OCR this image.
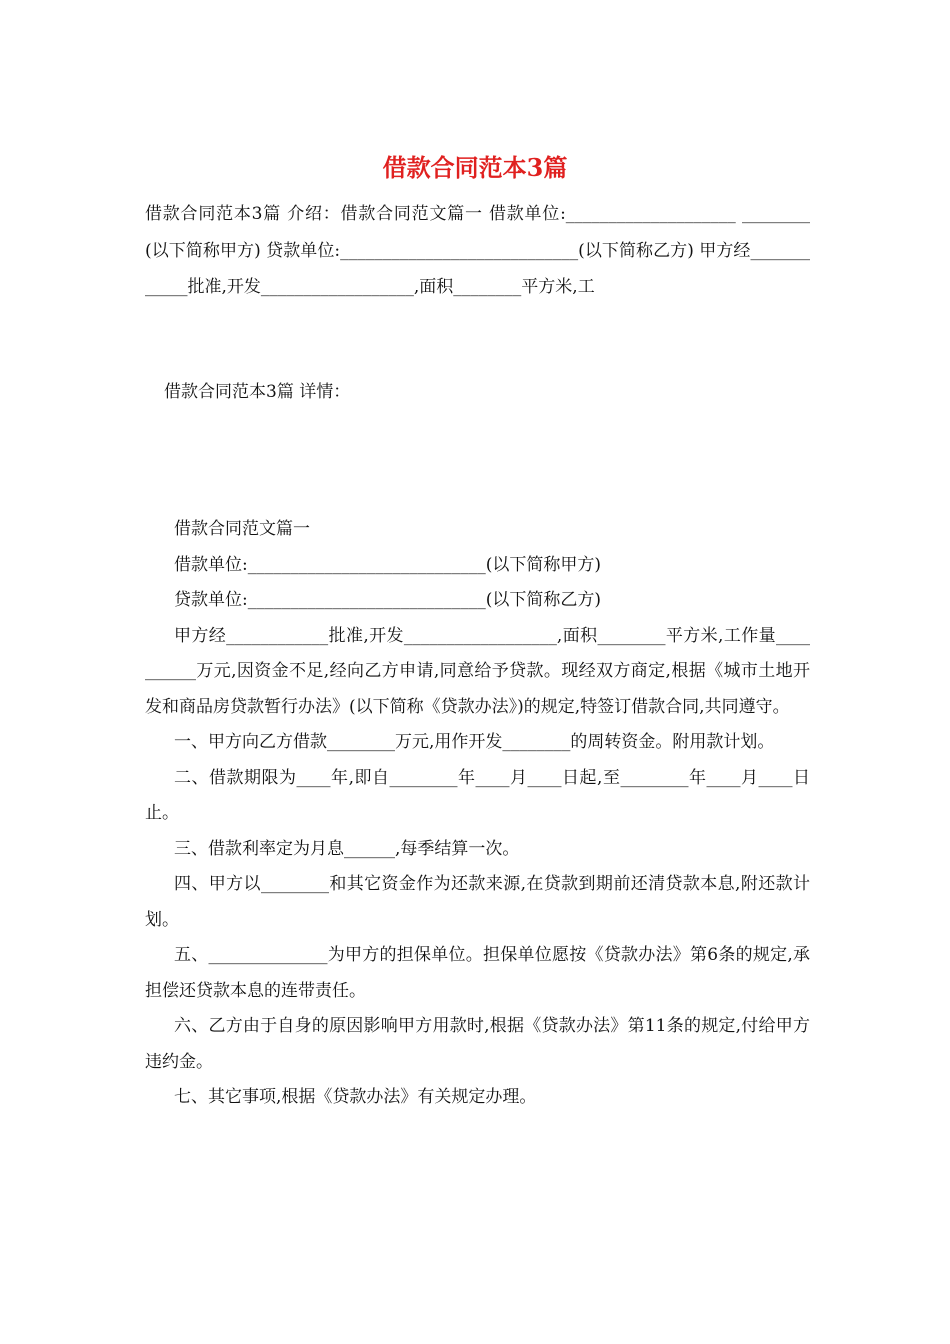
借款合同范本3篇

借款合同范本3篇 介绍：借款合同范文篇一 借款单位:____________________ ________(以下简称甲方) 贷款单位:____________________________(以下简称乙方) 甲方经____________批准,开发__________________,面积________平方米,工

借款合同范本3篇 详情：

借款合同范文篇一

借款单位:____________________________(以下简称甲方)

贷款单位:____________________________(以下简称乙方)

甲方经____________批准,开发__________________,面积________平方米,工作量__________万元,因资金不足,经向乙方申请,同意给予贷款。现经双方商定,根据《城市土地开发和商品房贷款暂行办法》(以下简称《贷款办法》)的规定,特签订借款合同,共同遵守。

一、甲方向乙方借款________万元,用作开发________的周转资金。附用款计划。

二、借款期限为____年,即自________年____月____日起,至________年____月____日止。

三、借款利率定为月息______,每季结算一次。

四、甲方以________和其它资金作为还款来源,在贷款到期前还清贷款本息,附还款计划。

五、______________为甲方的担保单位。担保单位愿按《贷款办法》第6条的规定,承担偿还贷款本息的连带责任。

六、乙方由于自身的原因影响甲方用款时,根据《贷款办法》第11条的规定,付给甲方违约金。

七、其它事项,根据《贷款办法》有关规定办理。
